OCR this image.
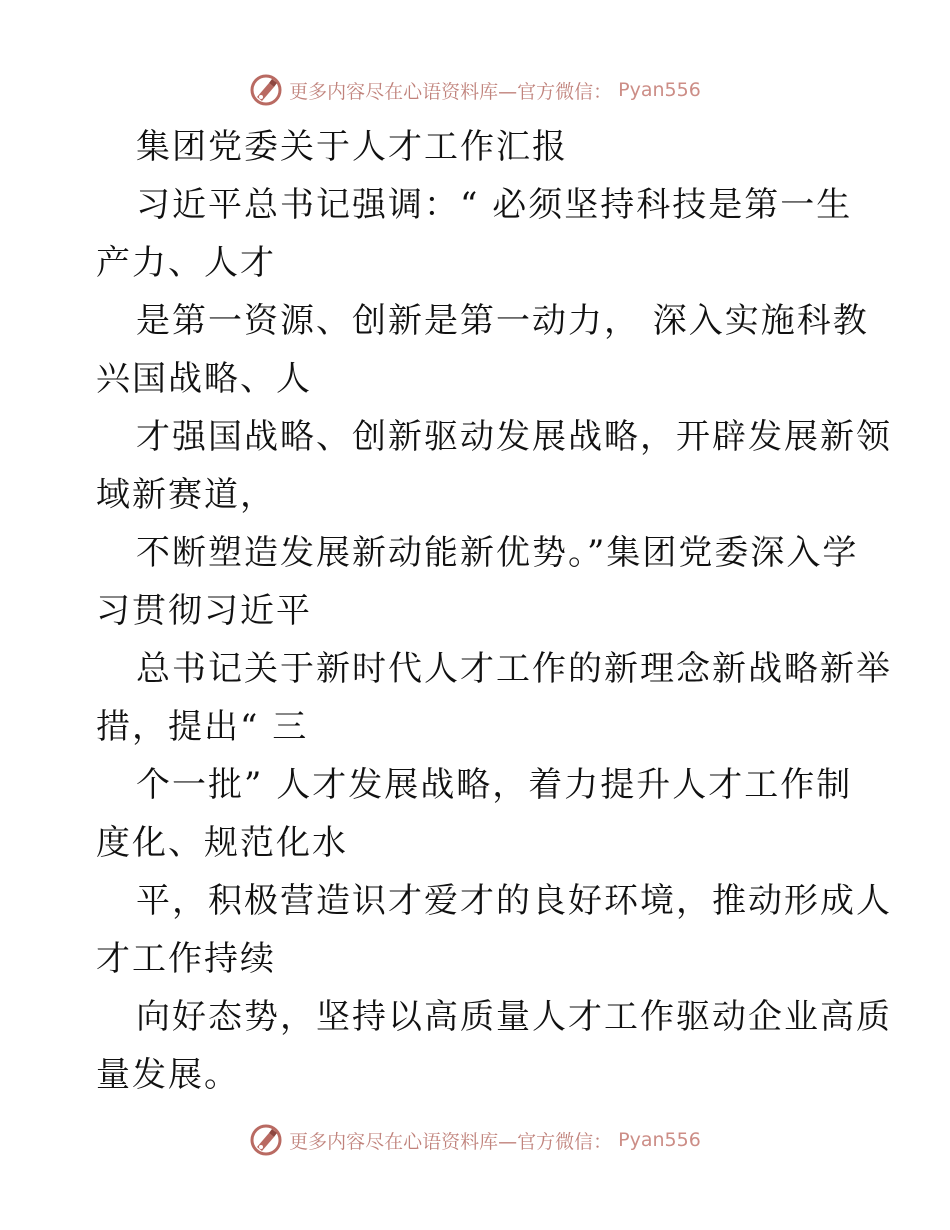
更多内容尽在心语资料库—官方微信： Pyan556
集团党委关于人才工作汇报
习近平总书记强调：“ 必须坚持科技是第一生
产力、人才
是第一资源、创新是第一动力， 深入实施科教
兴国战略、人
才强国战略、创新驱动发展战略，开辟发展新领
域新赛道，
不断塑造发展新动能新优势。”集团党委深入学
习贯彻习近平
总书记关于新时代人才工作的新理念新战略新举
措，提出“ 三
个一批” 人才发展战略，着力提升人才工作制
度化、规范化水
平，积极营造识才爱才的良好环境，推动形成人
才工作持续
向好态势，坚持以高质量人才工作驱动企业高质
量发展。
更多内容尽在心语资料库—官方微信： Pyan556
